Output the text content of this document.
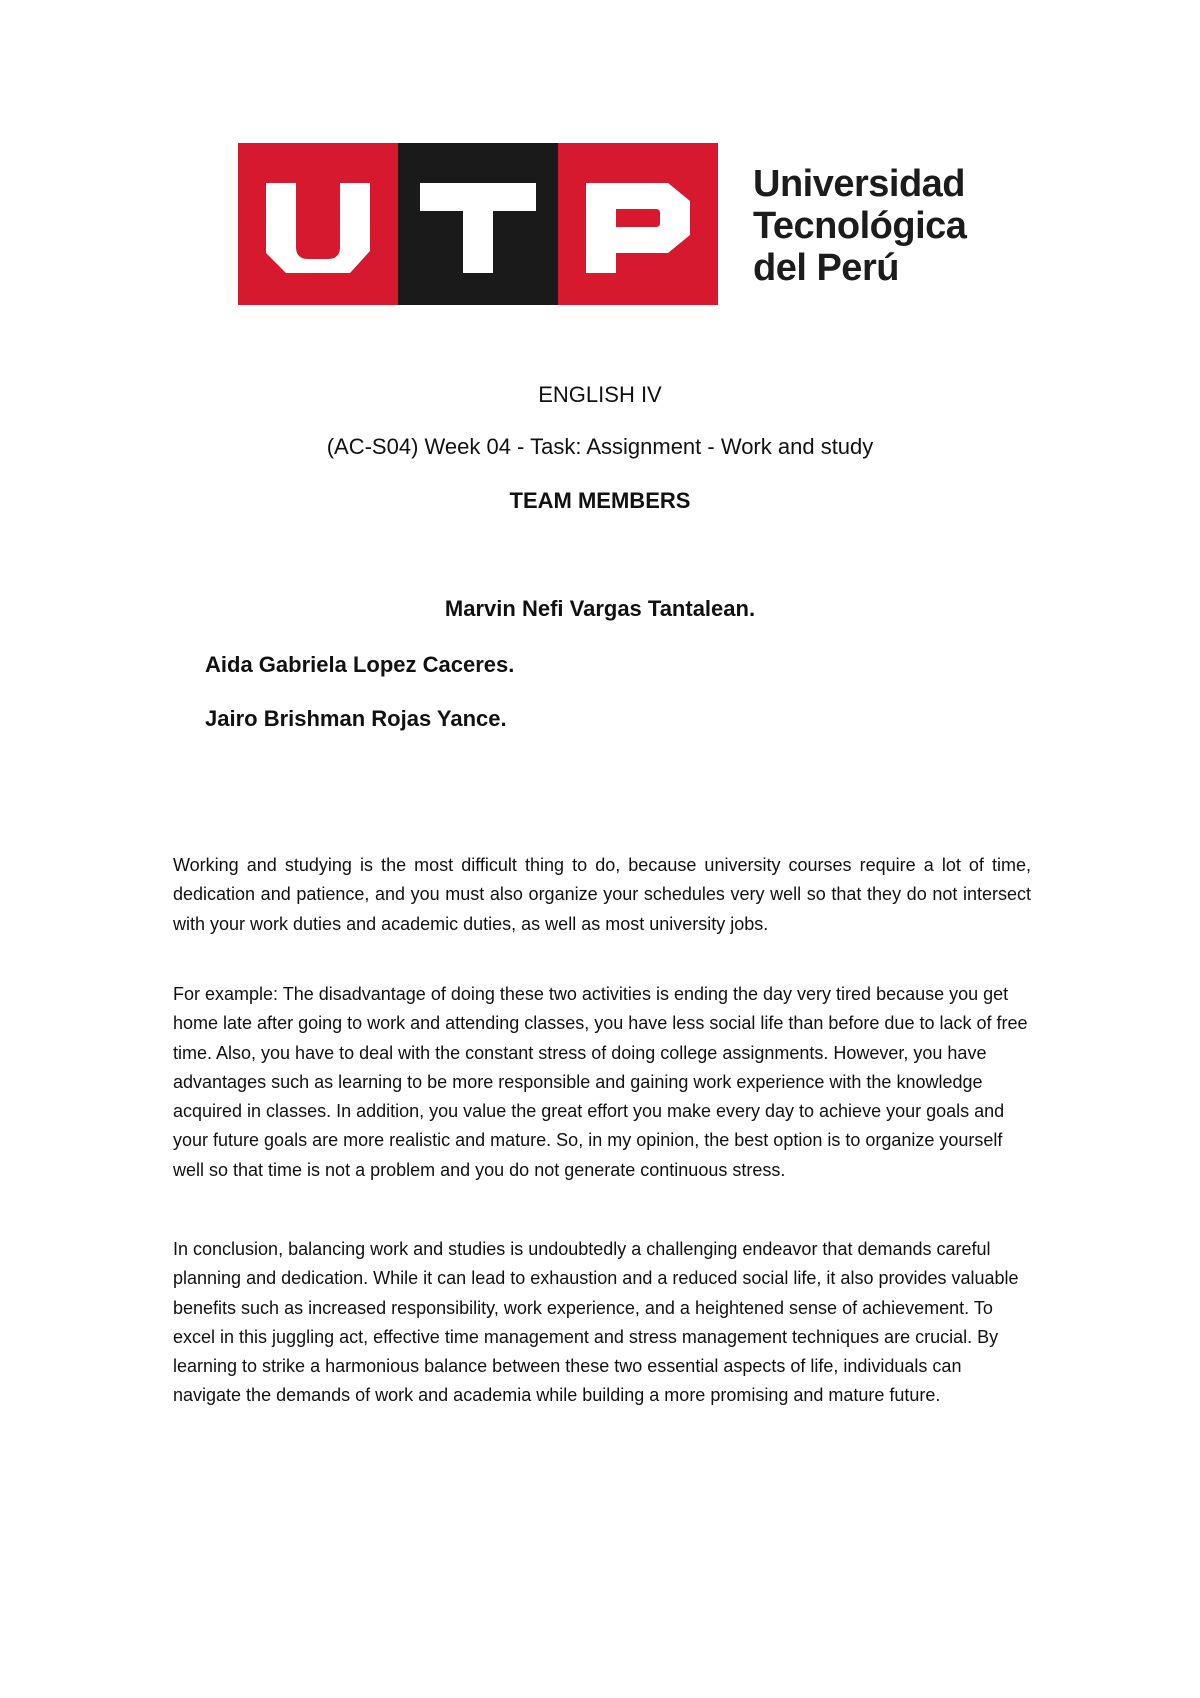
Universidad
Tecnológica
del Perú
ENGLISH IV
(AC-S04) Week 04 - Task: Assignment - Work and study
TEAM MEMBERS
Marvin Nefi Vargas Tantalean.
Aida Gabriela Lopez Caceres.
Jairo Brishman Rojas Yance.

Working and studying is the most difficult thing to do, because university courses require a lot of time, dedication and patience, and you must also organize your schedules very well so that they do not intersect with your work duties and academic duties, as well as most university jobs.

For example: The disadvantage of doing these two activities is ending the day very tired because you get home late after going to work and attending classes, you have less social life than before due to lack of free time. Also, you have to deal with the constant stress of doing college assignments. However, you have advantages such as learning to be more responsible and gaining work experience with the knowledge acquired in classes. In addition, you value the great effort you make every day to achieve your goals and your future goals are more realistic and mature. So, in my opinion, the best option is to organize yourself well so that time is not a problem and you do not generate continuous stress.

In conclusion, balancing work and studies is undoubtedly a challenging endeavor that demands careful planning and dedication. While it can lead to exhaustion and a reduced social life, it also provides valuable benefits such as increased responsibility, work experience, and a heightened sense of achievement. To excel in this juggling act, effective time management and stress management techniques are crucial. By learning to strike a harmonious balance between these two essential aspects of life, individuals can navigate the demands of work and academia while building a more promising and mature future.
